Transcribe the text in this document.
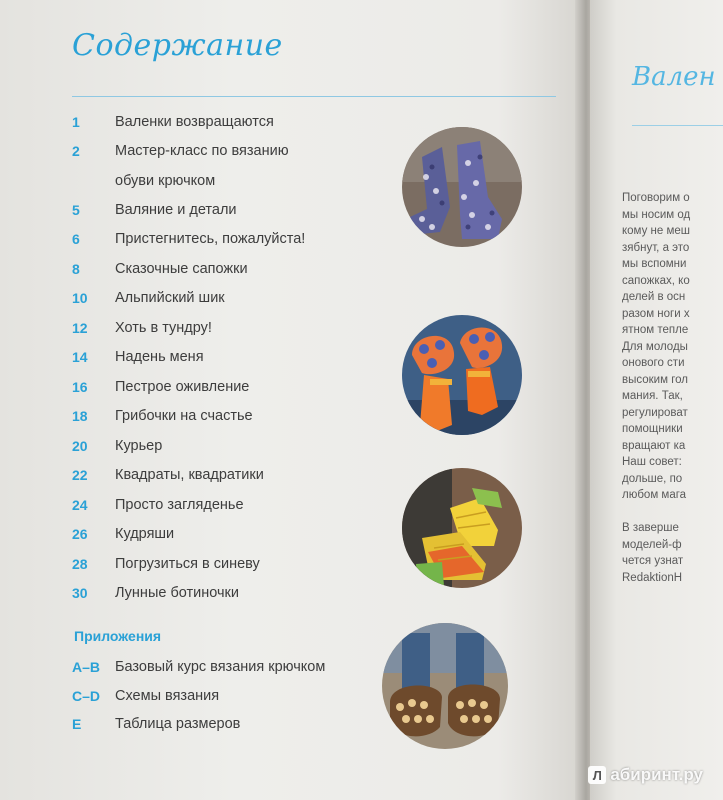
Содержание
1	Валенки возвращаются
2	Мастер-класс по вязанию
обуви крючком
5	Валяние и детали
6	Пристегнитесь, пожалуйста!
8	Сказочные сапожки
10	Альпийский шик
12	Хоть в тундру!
14	Надень меня
16	Пестрое оживление
18	Грибочки на счастье
20	Курьер
22	Квадраты, квадратики
24	Просто загляденье
26	Кудряши
28	Погрузиться в синеву
30	Лунные ботиночки
Приложения
A–B	Базовый курс вязания крючком
C–D	Схемы вязания
E	Таблица размеров
Вален
Поговорим о
мы носим од
кому не меш
зябнут, а это
мы вспомни
сапожках, ко
делей в осн
разом ноги х
ятном тепле
Для молоды
онового сти
высоким гол
мания. Так,
регулироват
помощники
вращают ка
Наш совет:
дольше, по
любом мага
В заверше
моделей-ф
чется узнат
RedaktionH
Л абиринт.ру
